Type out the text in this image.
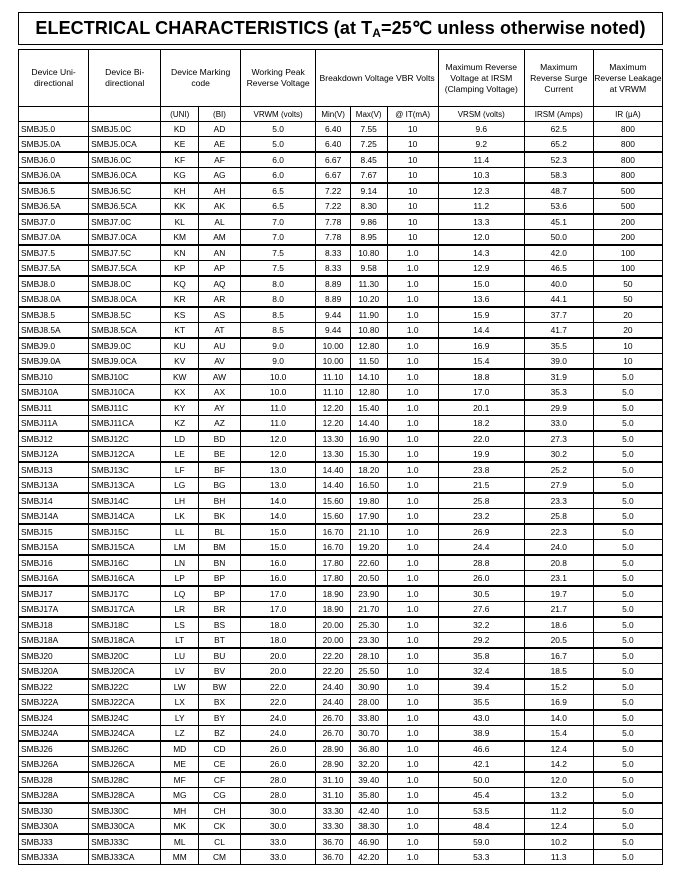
ELECTRICAL CHARACTERISTICS (at $T_A=25℃$ unless otherwise noted)
Device Uni- directional	Device Bi- directional	Device Marking code		Working Peak Reverse Voltage	Breakdown Voltage VBR Volts			Maximum Reverse Voltage at IRSM (Clamping Voltage)	Maximum Reverse Surge Current	Maximum Reverse Leakage at VRWM
		(UNI)	(BI)	VRWM (volts)	Min(V)	Max(V)	@ IT(mA)	VRSM (volts)	IRSM (Amps)	IR (μA)
SMBJ5.0	SMBJ5.0C	KD	AD	5.0	6.40	7.55	10	9.6	62.5	800
SMBJ5.0A	SMBJ5.0CA	KE	AE	5.0	6.40	7.25	10	9.2	65.2	800
SMBJ6.0	SMBJ6.0C	KF	AF	6.0	6.67	8.45	10	11.4	52.3	800
SMBJ6.0A	SMBJ6.0CA	KG	AG	6.0	6.67	7.67	10	10.3	58.3	800
SMBJ6.5	SMBJ6.5C	KH	AH	6.5	7.22	9.14	10	12.3	48.7	500
SMBJ6.5A	SMBJ6.5CA	KK	AK	6.5	7.22	8.30	10	11.2	53.6	500
SMBJ7.0	SMBJ7.0C	KL	AL	7.0	7.78	9.86	10	13.3	45.1	200
SMBJ7.0A	SMBJ7.0CA	KM	AM	7.0	7.78	8.95	10	12.0	50.0	200
SMBJ7.5	SMBJ7.5C	KN	AN	7.5	8.33	10.80	1.0	14.3	42.0	100
SMBJ7.5A	SMBJ7.5CA	KP	AP	7.5	8.33	9.58	1.0	12.9	46.5	100
SMBJ8.0	SMBJ8.0C	KQ	AQ	8.0	8.89	11.30	1.0	15.0	40.0	50
SMBJ8.0A	SMBJ8.0CA	KR	AR	8.0	8.89	10.20	1.0	13.6	44.1	50
SMBJ8.5	SMBJ8.5C	KS	AS	8.5	9.44	11.90	1.0	15.9	37.7	20
SMBJ8.5A	SMBJ8.5CA	KT	AT	8.5	9.44	10.80	1.0	14.4	41.7	20
SMBJ9.0	SMBJ9.0C	KU	AU	9.0	10.00	12.80	1.0	16.9	35.5	10
SMBJ9.0A	SMBJ9.0CA	KV	AV	9.0	10.00	11.50	1.0	15.4	39.0	10
SMBJ10	SMBJ10C	KW	AW	10.0	11.10	14.10	1.0	18.8	31.9	5.0
SMBJ10A	SMBJ10CA	KX	AX	10.0	11.10	12.80	1.0	17.0	35.3	5.0
SMBJ11	SMBJ11C	KY	AY	11.0	12.20	15.40	1.0	20.1	29.9	5.0
SMBJ11A	SMBJ11CA	KZ	AZ	11.0	12.20	14.40	1.0	18.2	33.0	5.0
SMBJ12	SMBJ12C	LD	BD	12.0	13.30	16.90	1.0	22.0	27.3	5.0
SMBJ12A	SMBJ12CA	LE	BE	12.0	13.30	15.30	1.0	19.9	30.2	5.0
SMBJ13	SMBJ13C	LF	BF	13.0	14.40	18.20	1.0	23.8	25.2	5.0
SMBJ13A	SMBJ13CA	LG	BG	13.0	14.40	16.50	1.0	21.5	27.9	5.0
SMBJ14	SMBJ14C	LH	BH	14.0	15.60	19.80	1.0	25.8	23.3	5.0
SMBJ14A	SMBJ14CA	LK	BK	14.0	15.60	17.90	1.0	23.2	25.8	5.0
SMBJ15	SMBJ15C	LL	BL	15.0	16.70	21.10	1.0	26.9	22.3	5.0
SMBJ15A	SMBJ15CA	LM	BM	15.0	16.70	19.20	1.0	24.4	24.0	5.0
SMBJ16	SMBJ16C	LN	BN	16.0	17.80	22.60	1.0	28.8	20.8	5.0
SMBJ16A	SMBJ16CA	LP	BP	16.0	17.80	20.50	1.0	26.0	23.1	5.0
SMBJ17	SMBJ17C	LQ	BP	17.0	18.90	23.90	1.0	30.5	19.7	5.0
SMBJ17A	SMBJ17CA	LR	BR	17.0	18.90	21.70	1.0	27.6	21.7	5.0
SMBJ18	SMBJ18C	LS	BS	18.0	20.00	25.30	1.0	32.2	18.6	5.0
SMBJ18A	SMBJ18CA	LT	BT	18.0	20.00	23.30	1.0	29.2	20.5	5.0
SMBJ20	SMBJ20C	LU	BU	20.0	22.20	28.10	1.0	35.8	16.7	5.0
SMBJ20A	SMBJ20CA	LV	BV	20.0	22.20	25.50	1.0	32.4	18.5	5.0
SMBJ22	SMBJ22C	LW	BW	22.0	24.40	30.90	1.0	39.4	15.2	5.0
SMBJ22A	SMBJ22CA	LX	BX	22.0	24.40	28.00	1.0	35.5	16.9	5.0
SMBJ24	SMBJ24C	LY	BY	24.0	26.70	33.80	1.0	43.0	14.0	5.0
SMBJ24A	SMBJ24CA	LZ	BZ	24.0	26.70	30.70	1.0	38.9	15.4	5.0
SMBJ26	SMBJ26C	MD	CD	26.0	28.90	36.80	1.0	46.6	12.4	5.0
SMBJ26A	SMBJ26CA	ME	CE	26.0	28.90	32.20	1.0	42.1	14.2	5.0
SMBJ28	SMBJ28C	MF	CF	28.0	31.10	39.40	1.0	50.0	12.0	5.0
SMBJ28A	SMBJ28CA	MG	CG	28.0	31.10	35.80	1.0	45.4	13.2	5.0
SMBJ30	SMBJ30C	MH	CH	30.0	33.30	42.40	1.0	53.5	11.2	5.0
SMBJ30A	SMBJ30CA	MK	CK	30.0	33.30	38.30	1.0	48.4	12.4	5.0
SMBJ33	SMBJ33C	ML	CL	33.0	36.70	46.90	1.0	59.0	10.2	5.0
SMBJ33A	SMBJ33CA	MM	CM	33.0	36.70	42.20	1.0	53.3	11.3	5.0
